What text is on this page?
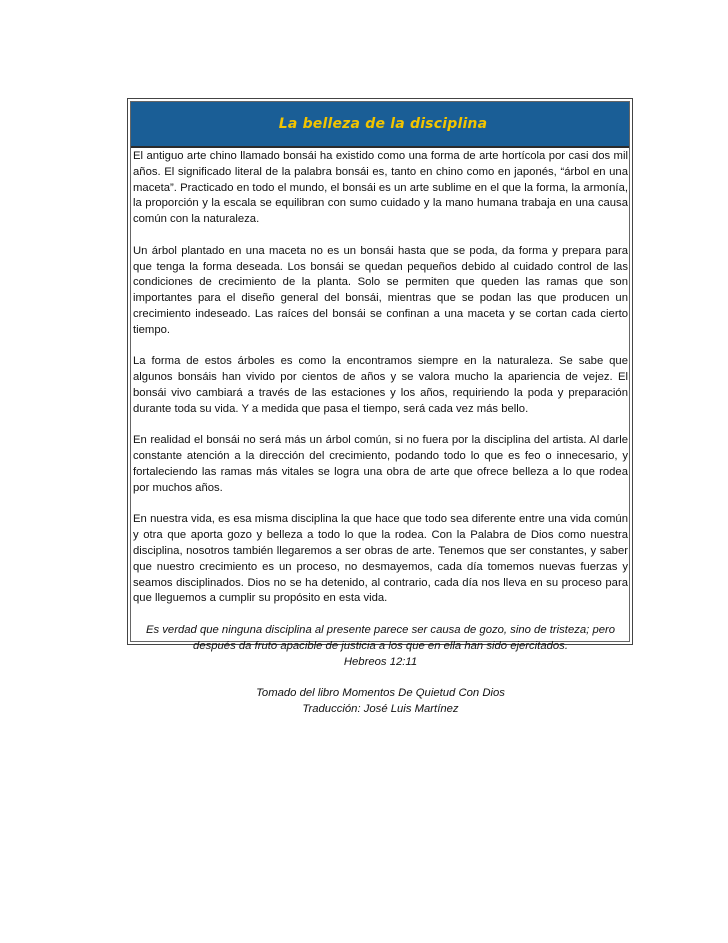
La belleza de la disciplina

El antiguo arte chino llamado bonsái ha existido como una forma de arte hortícola por casi dos mil años. El significado literal de la palabra bonsái es, tanto en chino como en japonés, “árbol en una maceta”. Practicado en todo el mundo, el bonsái es un arte sublime en el que la forma, la armonía, la proporción y la escala se equilibran con sumo cuidado y la mano humana trabaja en una causa común con la naturaleza.

Un árbol plantado en una maceta no es un bonsái hasta que se poda, da forma y prepara para que tenga la forma deseada. Los bonsái se quedan pequeños debido al cuidado control de las condiciones de crecimiento de la planta. Solo se permiten que queden las ramas que son importantes para el diseño general del bonsái, mientras que se podan las que producen un crecimiento indeseado. Las raíces del bonsái se confinan a una maceta y se cortan cada cierto tiempo.

La forma de estos árboles es como la encontramos siempre en la naturaleza. Se sabe que algunos bonsáis han vivido por cientos de años y se valora mucho la apariencia de vejez. El bonsái vivo cambiará a través de las estaciones y los años, requiriendo la poda y preparación durante toda su vida. Y a medida que pasa el tiempo, será cada vez más bello.

En realidad el bonsái no será más un árbol común, si no fuera por la disciplina del artista. Al darle constante atención a la dirección del crecimiento, podando todo lo que es feo o innecesario, y fortaleciendo las ramas más vitales se logra una obra de arte que ofrece belleza a lo que rodea por muchos años.

En nuestra vida, es esa misma disciplina la que hace que todo sea diferente entre una vida común y otra que aporta gozo y belleza a todo lo que la rodea. Con la Palabra de Dios como nuestra disciplina, nosotros también llegaremos a ser obras de arte. Tenemos que ser constantes, y saber que nuestro crecimiento es un proceso, no desmayemos, cada día tomemos nuevas fuerzas y seamos disciplinados. Dios no se ha detenido, al contrario, cada día nos lleva en su proceso para que lleguemos a cumplir su propósito en esta vida.

Es verdad que ninguna disciplina al presente parece ser causa de gozo, sino de tristeza; pero después da fruto apacible de justicia a los que en ella han sido ejercitados.

Hebreos 12:11

Tomado del libro Momentos De Quietud Con Dios

Traducción: José Luis Martínez
